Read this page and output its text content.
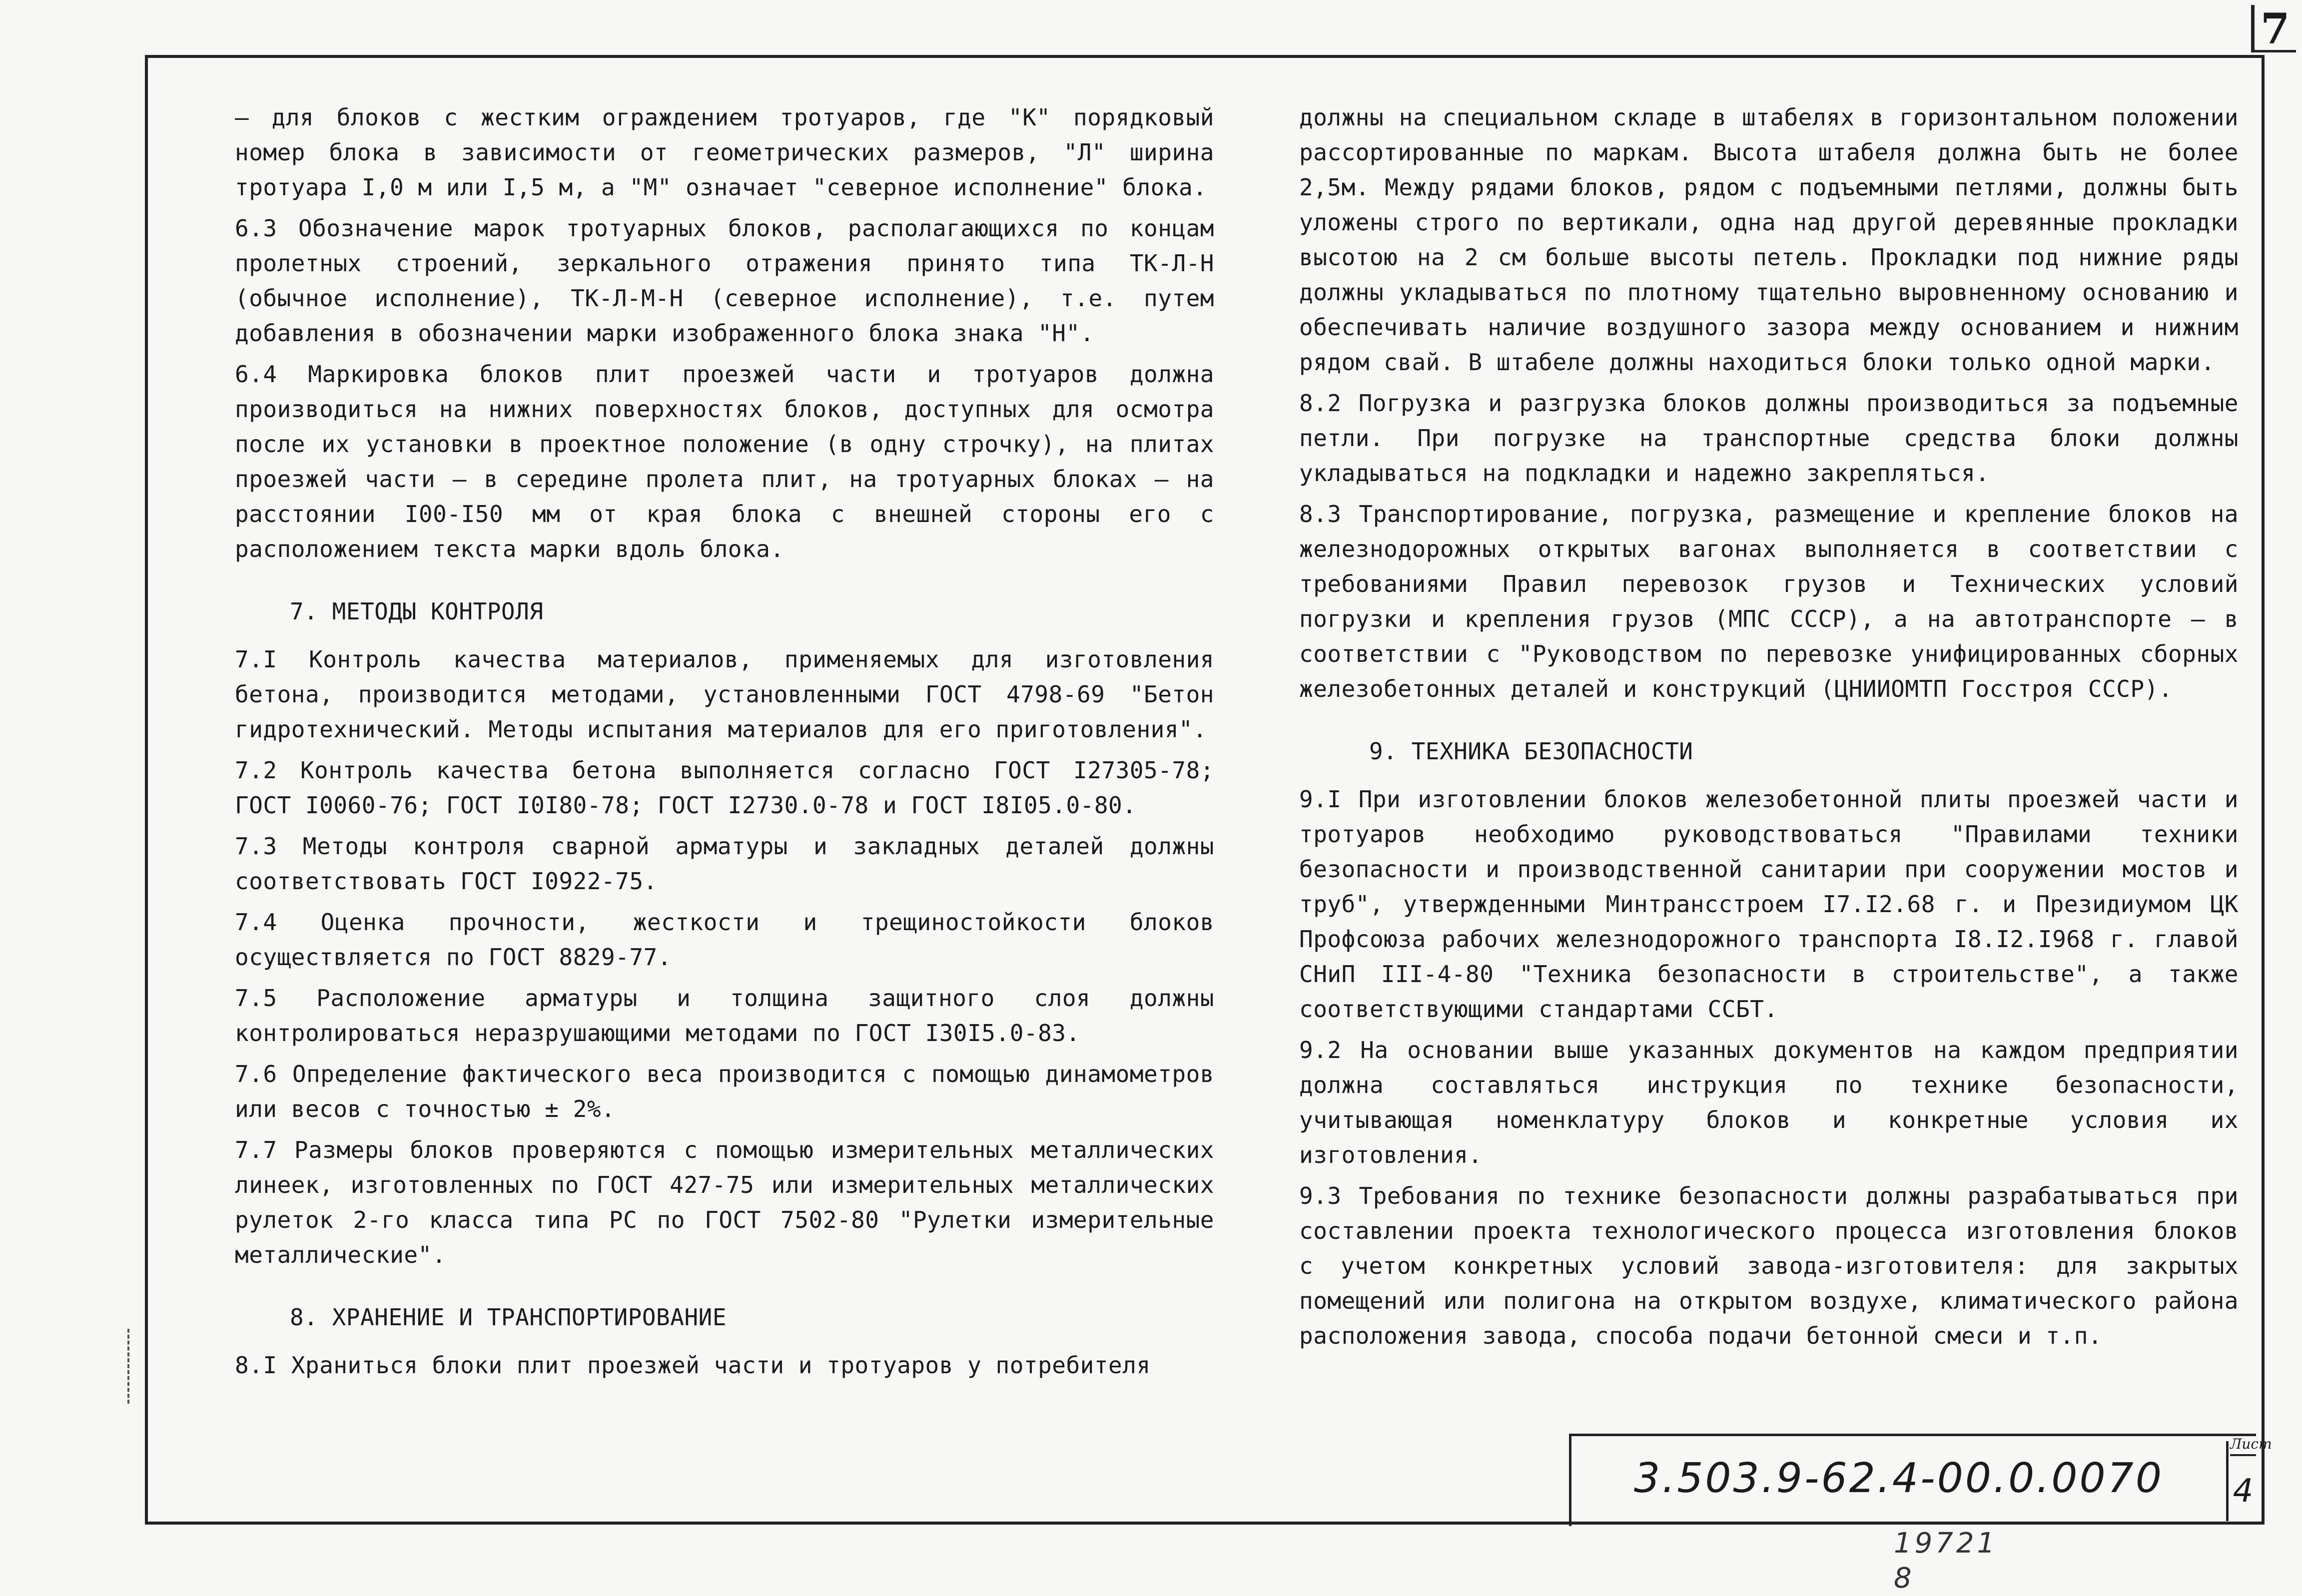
7

– для блоков с жестким ограждением тротуаров, где "К" порядковый номер блока в зависимости от геометрических размеров, "Л" ширина тротуара I,0 м или I,5 м, а "М" означает "северное исполнение" блока.

6.3 Обозначение марок тротуарных блоков, располагающихся по концам пролетных строений, зеркального отражения принято типа ТК-Л-Н (обычное исполнение), ТК-Л-М-Н (северное исполнение), т.е. путем добавления в обозначении марки изображенного блока знака "Н".

6.4 Маркировка блоков плит проезжей части и тротуаров должна производиться на нижних поверхностях блоков, доступных для осмотра после их установки в проектное положение (в одну строчку), на плитах проезжей части – в середине пролета плит, на тротуарных блоках – на расстоянии I00-I50 мм от края блока с внешней стороны его с расположением текста марки вдоль блока.

7. МЕТОДЫ КОНТРОЛЯ

7.I Контроль качества материалов, применяемых для изготовления бетона, производится методами, установленными ГОСТ 4798-69 "Бетон гидротехнический. Методы испытания материалов для его приготовления".

7.2 Контроль качества бетона выполняется согласно ГОСТ I27305-78; ГОСТ I0060-76; ГОСТ I0I80-78; ГОСТ I2730.0-78 и ГОСТ I8I05.0-80.

7.3 Методы контроля сварной арматуры и закладных деталей должны соответствовать ГОСТ I0922-75.

7.4 Оценка прочности, жесткости и трещиностойкости блоков осуществляется по ГОСТ 8829-77.

7.5 Расположение арматуры и толщина защитного слоя должны контролироваться неразрушающими методами по ГОСТ I30I5.0-83.

7.6 Определение фактического веса производится с помощью динамометров или весов с точностью ± 2%.

7.7 Размеры блоков проверяются с помощью измерительных металлических линеек, изготовленных по ГОСТ 427-75 или измерительных металлических рулеток 2-го класса типа РС по ГОСТ 7502-80 "Рулетки измерительные металлические".

8. ХРАНЕНИЕ И ТРАНСПОРТИРОВАНИЕ

8.I Храниться блоки плит проезжей части и тротуаров у потребителя

должны на специальном складе в штабелях в горизонтальном положении рассортированные по маркам. Высота штабеля должна быть не более 2,5м. Между рядами блоков, рядом с подъемными петлями, должны быть уложены строго по вертикали, одна над другой деревянные прокладки высотою на 2 см больше высоты петель. Прокладки под нижние ряды должны укладываться по плотному тщательно выровненному основанию и обеспечивать наличие воздушного зазора между основанием и нижним рядом свай. В штабеле должны находиться блоки только одной марки.

8.2 Погрузка и разгрузка блоков должны производиться за подъемные петли. При погрузке на транспортные средства блоки должны укладываться на подкладки и надежно закрепляться.

8.3 Транспортирование, погрузка, размещение и крепление блоков на железнодорожных открытых вагонах выполняется в соответствии с требованиями Правил перевозок грузов и Технических условий погрузки и крепления грузов (МПС СССР), а на автотранспорте – в соответствии с "Руководством по перевозке унифицированных сборных железобетонных деталей и конструкций (ЦНИИОМТП Госстроя СССР).

9. ТЕХНИКА БЕЗОПАСНОСТИ

9.I При изготовлении блоков железобетонной плиты проезжей части и тротуаров необходимо руководствоваться "Правилами техники безопасности и производственной санитарии при сооружении мостов и труб", утвержденными Минтрансстроем I7.I2.68 г. и Президиумом ЦК Профсоюза рабочих железнодорожного транспорта I8.I2.I968 г. главой СНиП III-4-80 "Техника безопасности в строительстве", а также соответствующими стандартами ССБТ.

9.2 На основании выше указанных документов на каждом предприятии должна составляться инструкция по технике безопасности, учитывающая номенклатуру блоков и конкретные условия их изготовления.

9.3 Требования по технике безопасности должны разрабатываться при составлении проекта технологического процесса изготовления блоков с учетом конкретных условий завода-изготовителя: для закрытых помещений или полигона на открытом воздухе, климатического района расположения завода, способа подачи бетонной смеси и т.п.

3.503.9-62.4-00.0.0070
Лист
4
19721 8
